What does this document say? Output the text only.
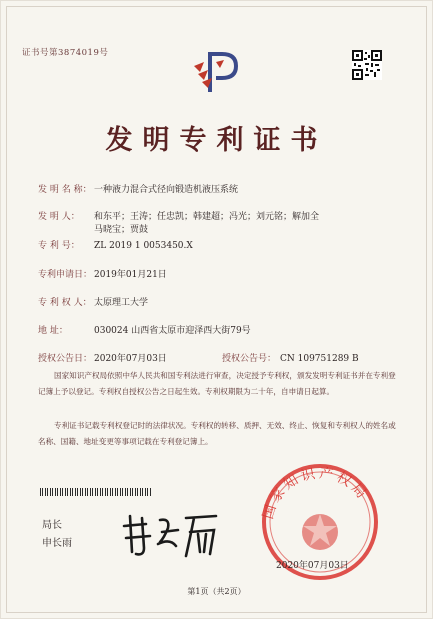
证书号第3874019号
发明专利证书
发 明 名 称： 一种液力混合式径向锻造机液压系统
发 明 人： 和东平；王涛；任忠凯；韩建超；冯光；刘元铭；解加全
马晓宝；贾鼓
专 利 号： ZL 2019 1 0053450.X
专利申请日： 2019年01月21日
专 利 权 人： 太原理工大学
地 址：	030024 山西省太原市迎泽西大街79号
授权公告日： 2020年07月03日	授权公告号： CN 109751289 B
国家知识产权局依照中华人民共和国专利法进行审查，决定授予专利权，颁发发明专利证书并在专利登记簿上予以登记。专利权自授权公告之日起生效。专利权期限为二十年，自申请日起算。
专利证书记载专利权登记时的法律状况。专利权的转移、质押、无效、终止、恢复和专利权人的姓名或名称、国籍、地址变更等事项记载在专利登记簿上。
局长
申长雨
国家知识产权局
2020年07月03日
第1页（共2页）
